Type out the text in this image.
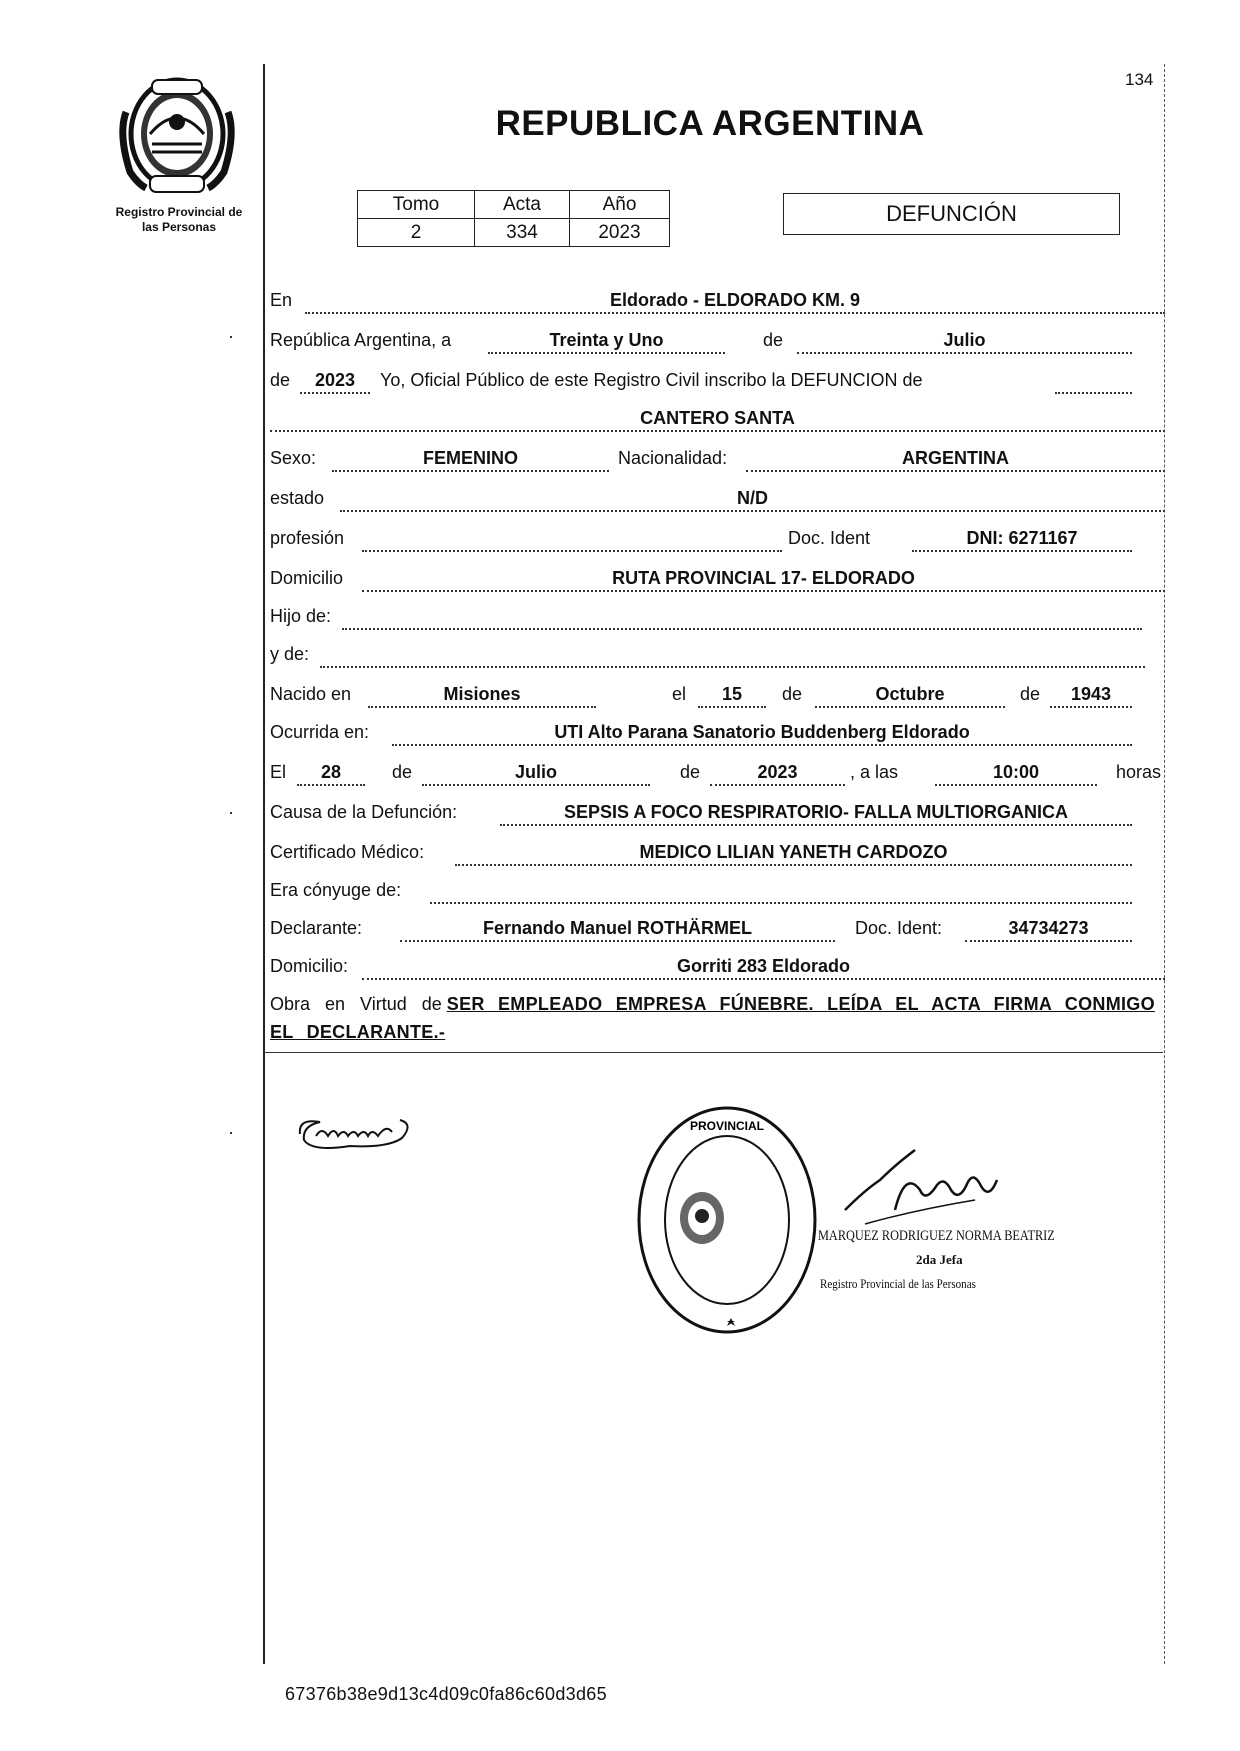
134
Registro Provincial de
las Personas
REPUBLICA ARGENTINA
Tomo	Acta	Año
2	334	2023
DEFUNCIÓN
En	Eldorado - ELDORADO KM. 9
República Argentina, a	Treinta y Uno	de	Julio
de	2023	Yo, Oficial Público de este Registro Civil inscribo la DEFUNCION de
CANTERO SANTA
Sexo:	FEMENINO	Nacionalidad:	ARGENTINA
estado	N/D
profesión	Doc. Ident	DNI: 6271167
Domicilio	RUTA PROVINCIAL 17- ELDORADO
Hijo de:
y de:
Nacido en	Misiones	el	15	de	Octubre	de	1943
Ocurrida en:	UTI Alto Parana Sanatorio Buddenberg Eldorado
El	28	de	Julio	de	2023	, a las	10:00	horas
Causa de la Defunción:	SEPSIS A FOCO RESPIRATORIO- FALLA MULTIORGANICA
Certificado Médico:	MEDICO LILIAN YANETH CARDOZO
Era cónyuge de:
Declarante:	Fernando Manuel ROTHÄRMEL	Doc. Ident:	34734273
Domicilio:	Gorriti 283 Eldorado
Obra en Virtud de SER EMPLEADO EMPRESA FÚNEBRE. LEÍDA EL ACTA FIRMA CONMIGO EL DECLARANTE.-
PROVINCIAL
MARQUEZ RODRIGUEZ NORMA BEATRIZ
2da Jefa
Registro Provincial de las Personas
67376b38e9d13c4d09c0fa86c60d3d65
